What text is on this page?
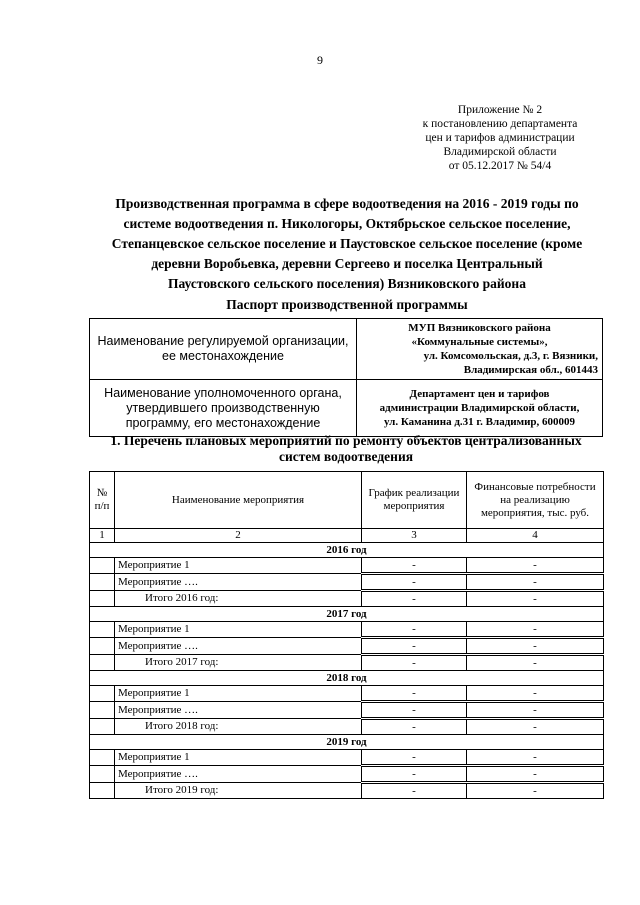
9
Приложение № 2
к постановлению департамента
цен и тарифов администрации
Владимирской области
от 05.12.2017 № 54/4
Производственная программа в сфере водоотведения на 2016 - 2019 годы по
системе водоотведения п. Никологоры, Октябрьское сельское поселение,
Степанцевское сельское поселение и Паустовское сельское поселение (кроме
деревни Воробьевка, деревни Сергеево и поселка Центральный
Паустовского сельского поселения) Вязниковского района
Паспорт производственной программы
Наименование регулируемой организации, ее местонахождение	МУП Вязниковского района
«Коммунальные системы»,
ул. Комсомольская, д.3, г. Вязники,
Владимирская обл., 601443

Наименование уполномоченного органа, утвердившего производственную программу, его местонахождение	Департамент цен и тарифов
администрации Владимирской области,
ул. Каманина д.31 г. Владимир, 600009
1. Перечень плановых мероприятий по ремонту объектов централизованных
систем водоотведения
№ п/п	Наименование мероприятия	График реализации мероприятия	Финансовые потребности на реализацию мероприятия, тыс. руб.
1	2	3	4
2016 год			
	Мероприятие 1	-	-
	Мероприятие ….	-	-
	Итого 2016 год:	-	-
2017 год			
	Мероприятие 1	-	-
	Мероприятие ….	-	-
	Итого 2017 год:	-	-
2018 год			
	Мероприятие 1	-	-
	Мероприятие ….	-	-
	Итого 2018 год:	-	-
2019 год			
	Мероприятие 1	-	-
	Мероприятие ….	-	-
	Итого 2019 год:	-	-
